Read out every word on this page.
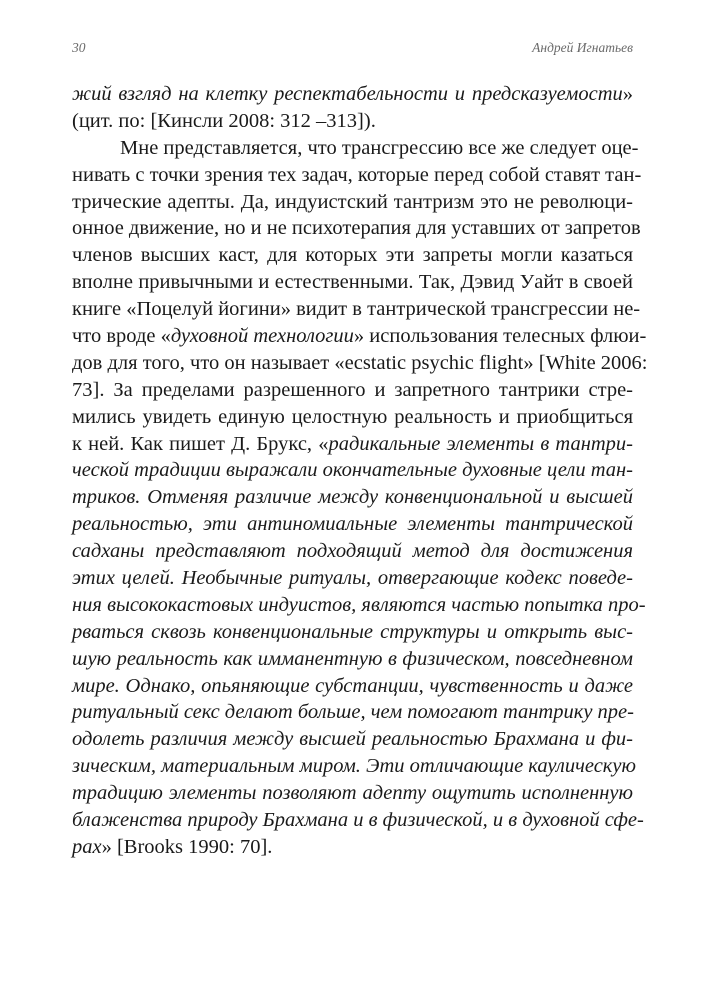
30	Андрей Игнатьев
жий взгляд на клетку респектабельности и предсказуемости»
(цит. по: [Кинсли 2008: 312 –313]).
Мне представляется, что трансгрессию все же следует оце-
нивать с точки зрения тех задач, которые перед собой ставят тан-
трические адепты. Да, индуистский тантризм это не революци-
онное движение, но и не психотерапия для уставших от запретов
членов высших каст, для которых эти запреты могли казаться
вполне привычными и естественными. Так, Дэвид Уайт в своей
книге «Поцелуй йогини» видит в тантрической трансгрессии не-
что вроде «духовной технологии» использования телесных флюи-
дов для того, что он называет «ecstatic psychic flight» [White 2006:
73]. За пределами разрешенного и запретного тантрики стре-
мились увидеть единую целостную реальность и приобщиться
к ней. Как пишет Д. Брукс, «радикальные элементы в тантри-
ческой традиции выражали окончательные духовные цели тан-
триков. Отменяя различие между конвенциональной и высшей
реальностью, эти антиномиальные элементы тантрической
садханы представляют подходящий метод для достижения
этих целей. Необычные ритуалы, отвергающие кодекс поведе-
ния высококастовых индуистов, являются частью попытка про-
рваться сквозь конвенциональные структуры и открыть выс-
шую реальность как имманентную в физическом, повседневном
мире. Однако, опьяняющие субстанции, чувственность и даже
ритуальный секс делают больше, чем помогают тантрику пре-
одолеть различия между высшей реальностью Брахмана и фи-
зическим, материальным миром. Эти отличающие каулическую
традицию элементы позволяют адепту ощутить исполненную
блаженства природу Брахмана и в физической, и в духовной сфе-
рах» [Brooks 1990: 70].
